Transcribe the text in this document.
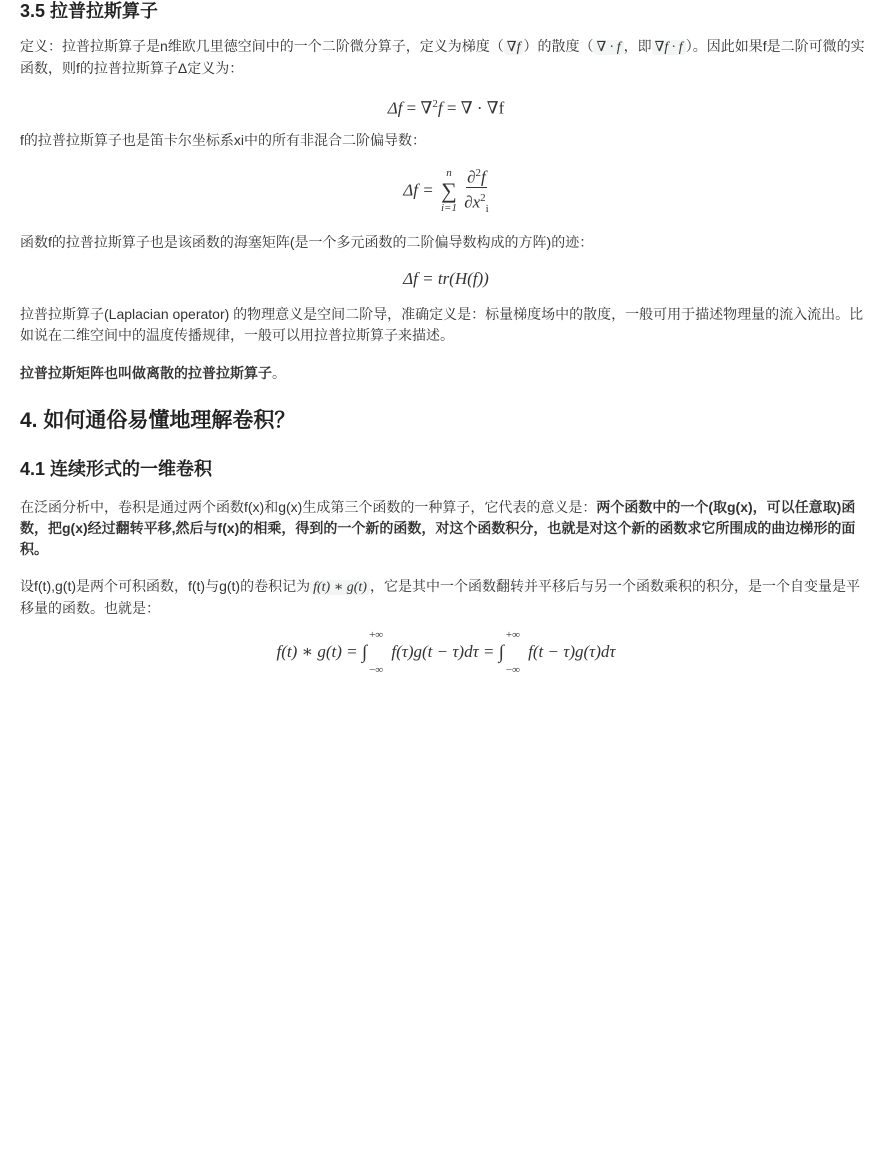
3.5 拉普拉斯算子

定义：拉普拉斯算子是n维欧几里德空间中的一个二阶微分算子，定义为梯度（ ∇f ）的散度（ ∇ · f ，即 ∇f · f ）。因此如果f是二阶可微的实函数，则f的拉普拉斯算子Δ定义为：

Δf = ∇$^2$f = ∇ · ∇f

f的拉普拉斯算子也是笛卡尔坐标系xi中的所有非混合二阶偏导数：

Δf =
n
∑
i=1
$\frac{\partial^2f}{\partial x^2_i}$

函数f的拉普拉斯算子也是该函数的海塞矩阵(是一个多元函数的二阶偏导数构成的方阵)的迹：

Δf = tr(H(f))

拉普拉斯算子(Laplacian operator) 的物理意义是空间二阶导，准确定义是：标量梯度场中的散度，一般可用于描述物理量的流入流出。比如说在二维空间中的温度传播规律，一般可以用拉普拉斯算子来描述。

拉普拉斯矩阵也叫做离散的拉普拉斯算子。

4. 如何通俗易懂地理解卷积？
4.1 连续形式的一维卷积

在泛函分析中，卷积是通过两个函数f(x)和g(x)生成第三个函数的一种算子，它代表的意义是：两个函数中的一个(取g(x)，可以任意取)函数，把g(x)经过翻转平移,然后与f(x)的相乘，得到的一个新的函数，对这个函数积分，也就是对这个新的函数求它所围成的曲边梯形的面积。

设f(t),g(t)是两个可积函数，f(t)与g(t)的卷积记为 f(t) ∗ g(t) ，它是其中一个函数翻转并平移后与另一个函数乘积的积分，是一个自变量是平移量的函数。也就是：

f(t) ∗ g(t) = ∫
+∞
−∞
f(τ)g(t − τ)dτ = ∫
+∞
−∞
f(t − τ)g(τ)dτ
